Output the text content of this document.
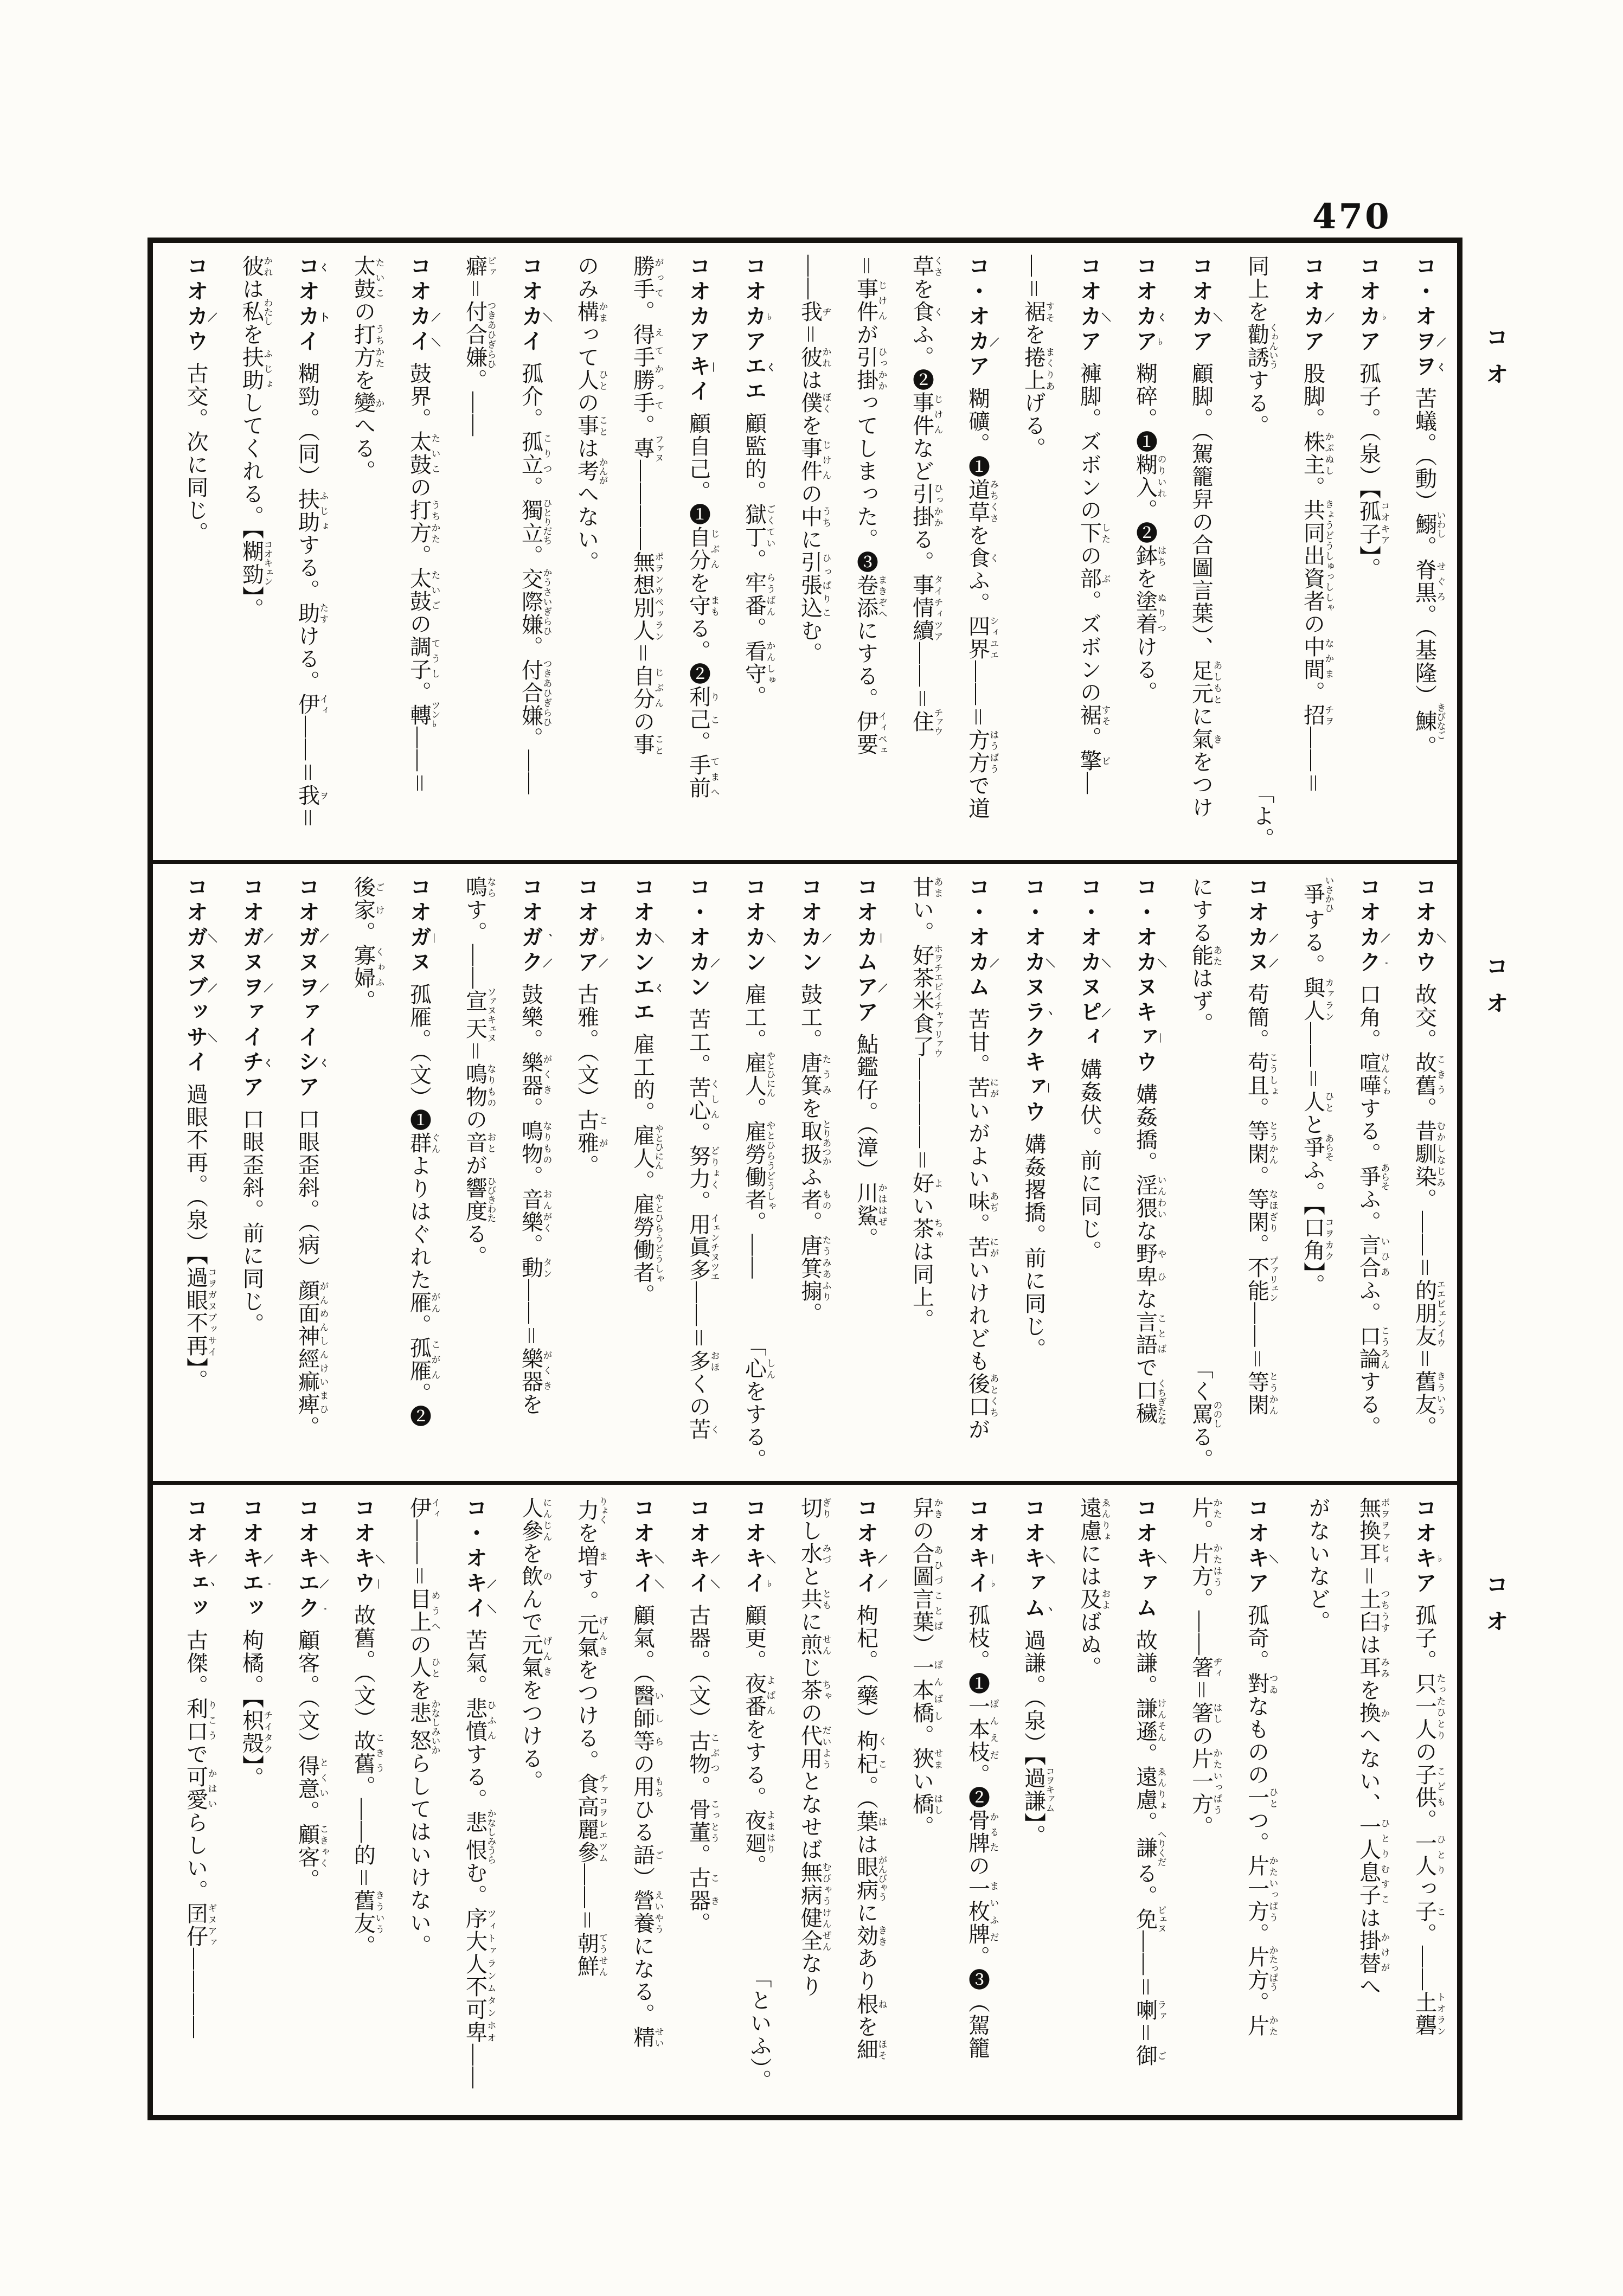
470
コオ
コオ
コオ
コ・オヲ／ヲく苦蟻。（動）鰯いわし。脊黒せぐろ。（基隆）鯟きびなご。
コオカ♭ア孤子。（泉）【孤子コオキア】。
コオカ／ア股脚。株主かぶぬし。共同出資者きょうどうしゅっししゃの中間なかま。招チヲ――＝
同上を勸誘くゎんいうする。
「よ。
コオカ＼ア顧脚。（駕籠舁の合圖言葉）、足元あしもとに氣きをつけ
コオカくア♭糊碎。❶糊入のりいれ。❷鉢はちを塗着ぬりつける。
コオカ＼ア褲脚。ズボンの下したの部ぶ。ズボンの裾すそ。擎ピ―
―＝裾すそを捲上まくりあげる。
コ・オカ／ア糊礦。❶道草みちくさを食くふ。四界シィユエ――＝方方はうばうで道
草くさを食くふ。❷事件じけんなど引掛ひっかかる。事情續タイチィツア――＝住チァウ
＝事件じけんが引掛ひっかかってしまった。❸卷添まきぞへにする。伊要イィペェ
――我ヂ＝彼かれは僕ぼくを事件じけんの中うちに引張込ひっぱりこむ。
コオカ♭アエくエ顧監的。獄丁ごくてい。牢番らうばん。看守かんしゅ。
コオカアキ―イ顧自己。❶自分じぶんを守まもる。❷利己りこ。手前てまへ
勝手がって。得手勝手えてかって。專ファヌ――――無想別人ポヲンウペッラン＝自分じぶんの事こと
のみ構かまって人ひとの事ことは考かんがへない。
コオカ＼イ孤介。孤立こりつ。獨立ひとりだち。交際嫌かうさいぎらひ。付合嫌つきあひぎらひ。――
癖ピァ＝付合嫌つきあひぎらひ。――
コオカ／イ＼鼓界。太鼓たいこの打方うちかた。太鼓たいごの調子てうし。轉ツン♭――＝
太鼓たいこの打方うちかたを變かへる。
コくオカ卜イ糊勁。（同）扶助ふじょする。助たすける。伊イィ――＝我ヲ＝
彼かれは私わたしを扶助ふじょしてくれる。【糊勁コオキェン】。
コオカ／ウ古交。次に同じ。
コオカ＼ウ故交。故舊こきう。昔馴染むかしなじみ。――＝的朋友エエピェンイウ＝舊友きういう。
コオカ／ク'口角。喧嘩けんくゎする。爭あらそふ。言合いひあふ。口論こうろんする。
爭いさかひする。與人カァラン――＝人ひとと爭あらそふ。【口角コヲカク】。
コオカ／ヌ／苟簡。苟且こうしょ。等閑とうかん。等閑なほざり。不能プァリェン――＝等閑とうかん
にする能あたはず。
「く罵ののしる。
コ・オカ＼ヌキァ―ウ媾姦撟。淫猥いんわいな野卑やひな言語ことばで口穢くちぎたな
コ・オカ＼ヌピ／ィ媾姦伏。前に同じ。
コ・オカ＼ヌラヽクキァ―ウ媾姦撂撟。前に同じ。
コ・オカ／ム苦甘。苦にがいがよい味あぢ。苦にがいけれども後口あとくちが
甘あまい。好茶米食了ホヲチエピイチャァリァウ――――＝好よい茶ちゃは同上。
コオカ―ムア／ア鮎鑑仔。（漳）川鯊かははぜ。
コオカ／ン鼓工。唐箕たうみを取扱とりあつかふ者もの。唐箕搧たうみあふり。
コオカ＼ン雇工。雇人やとひにん。雇勞働者やとひらうどうしゃ。――
「心しんをする。
コ・オカ／ン苦工。苦心くしん。努力どりょく。用眞多イェンチヌツエ――＝多おほくの苦く
コオカ＼ンエくエ雇工的。雇人やとひにん。雇勞働者やとひらうどうしゃ。
コオガ♭ア／古雅。（文）古雅こが。
コオガ、ク／鼓樂。樂器がくき。鳴物なりもの。音樂おんがく。動タン――＝樂器がくきを
鳴ならす。――宣天ソァヌキェヌ＝鳴物なりものの音おとが響度ひびきわたる。
コオガ―ヌ孤雁。（文）❶群ぐんよりはぐれた雁がん。孤雁こがん。❷
後家ごけ。寡婦くゎふ。
コオガ／ヌヲ／ァイシくア口眼歪斜。（病）顔面神經痲痺がんめんしんけいまひ。
コオガ／ヌヲ／ァイチくア口眼歪斜。前に同じ。
コオガ＼ヌブ／ッサ＼イ過眼不再。（泉）【過眼不再コヲガヌブッサイ】。
コオキ♭ア孤子。只一人たったひとりの子供こども。一人ひとりっ子こ。――土礱トオラン
無換耳ボヲヲァヒィ＝土臼つちうすは耳みみを換かへない、一人息子ひとりむすこは掛替かけがへ
がないなど。
コオキ＼ア孤奇。對つゐなものの一ひとつ。片一方かたいっぱう。片方かたっぱう。片かた
片かた。片方かたはう。――箸ヂィ＝箸はしの片一方かたいっぱう。
コオキ＼ァム故謙。謙遜けんそん。遠慮ゑんりょ。謙へりくだる。免ピェヌ――＝喇ラァ＝御ご
遠慮ゑんりょには及およばぬ。
コオキ＼ァムヽ過謙。（泉）【過謙コヲキァム】。
コオキ―イ♭孤枝。❶一本枝ぽんえだ。❷骨牌かるたの一枚牌まいふだ。❸（駕籠
舁かきの合圖言葉あひづことば）一本橋ぽんばし。狹せまい橋はし。
コオキ／イ／枸杞。（藥）枸杞くこ。（葉はは眼病がんびゃうに効ききあり根ねを細ほそ
切ぎりし水みづと共ともに煎せんじ茶ちゃの代用だいようとなせば無病健全むびゃうけんぜんなり
コオキ＼イ♭顧更。夜番よばんをする。夜廻よまはり。
「といふ）。
コオキ／イ＼古器。（文）古物こぶつ。骨董こっとう。古器こき。
コオキ＼イ＼顧氣。（醫師等いしらの用もちひる語ご）營養えいやうになる。精せい
力りょくを増ます。元氣げんきをつける。食高麗參チァコヲレエツム――＝朝鮮てうせん
人參にんじんを飲のんで元氣げんきをつける。
コ・オキ／イ＼苦氣。悲憤ひふんする。悲恨かなしみうらむ。序大人不可卑ツィトァランムタンホオ――
伊イィ――＝目上めうへの人ひとを悲怒かなしみいからしてはいけない。
コオキ＼ウ―故舊。（文）故舊こきう。――的＝舊友きういう。
コオキ＼エ／ク'顧客。（文）得意とくい。顧客こきゃく。
コオキ／エ'ッ枸橘。【枳殻チイタク】。
コオキ／ェヽッ古傑。利口りこうで可愛かはいらしい。囝仔ギヌアァ――――
